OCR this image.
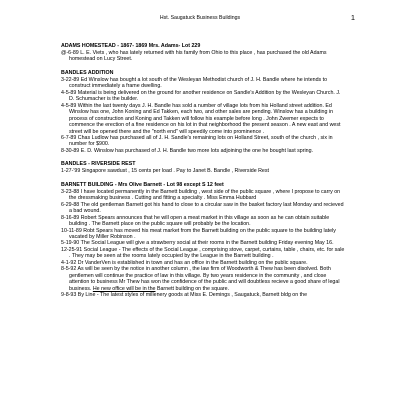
Hst. Saugatuck Business Buildings	1
ADAMS HOMESTEAD - 1867- 1869 Mrs. Adams- Lot 229
@-6-89 L. E. Viets , who has lately returned with his family from Ohio to this place , has purchased the old Adams homestead on Lucy Street.
BANDLES ADDITION
3-22-89 Ed Winslow has bought a lot south of the Wesleyan Methodist church of J. H. Bandle where he intends to construct immediately a frame dwelling.
4-5-89 Material is being delivered on the ground for another residence on Sandle's Addition by the Wesleyan Church. J. D. Schumacher is the builder.
4-5-89 Within the last twenty days J. H. Bandle has sold a number of village lots from his Holland street addition. Ed Winslow has one, John Koning and Ed Takken, each two, and other sales are pending. Winslow has a building in process of construction and Koning and Takken will follow his example before long . John Zwemer expects to commence the erection of a fine residence on his lot in that neighborhood the present season . A new east and west street will be opened there and the "north end" will speedily come into prominence .
6-7-89 Chas Ludlow has purchased all of J. H. Sandle's remaining lots on Holland Street, south of the church , six in number for $900.
8-30-89 E. D. Winslow has purchased of J. H. Bandle two more lots adjoining the one he bought last spring.
BANDLES - RIVERSIDE REST
1-27-'99 Singapore sawdust , 15 cents per load . Pay to Janet B. Bandle , Riverside Rest
BARNETT BUILDING - Mrs Olive Barnett - Lot 98 except S 12 feet
3-23-88 I have located permanently in the Barnett building , west side of the public square , where I propose to carry on the dressmaking business . Cutting and fitting a specialty . Miss Emma Hubbard
6-29-88 The old gentleman Barnett got his hand to close to a circular saw in the basket factory last Monday and recieved a bad wound.
8-16-89 Robert Spears announces that he will open a meat market in this village as soon as he can obtain suitable building . The Barnett place on the public square will probably be the location.
10-11-89 Robt Spears has moved his meat market from the Barnett building on the public square to the building lately vacated by Miller Robinson .
5-19-90 The Social League will give a strawberry social at their rooms in the Barnett building Friday evening May 16.
12-25-91 Social League - The effects of the Social League , comprising stove, carpet, curtains, table , chairs, etc. for sale . They may be seen at the rooms lately occupied by the League in the Barnett building .
4-1-92 Dr VanderVen is established in town and has an office in the Barnett building on the public square.
8-5-92 As will be seen by the notice in another column , the law firm of Woodworth & Thew has been disolved. Both gentlemen will continue the practice of law in this village. By two years residence in the community , and close attention to business Mr Thew has won the confidence of the public and will doubtless recieve a good share of legal business. He new office will be in the Barnett building on the square.
9-8-93 By Line - The latest styles of millenery goods at Miss E. Demings , Saugatuck, Barnett bldg on the
